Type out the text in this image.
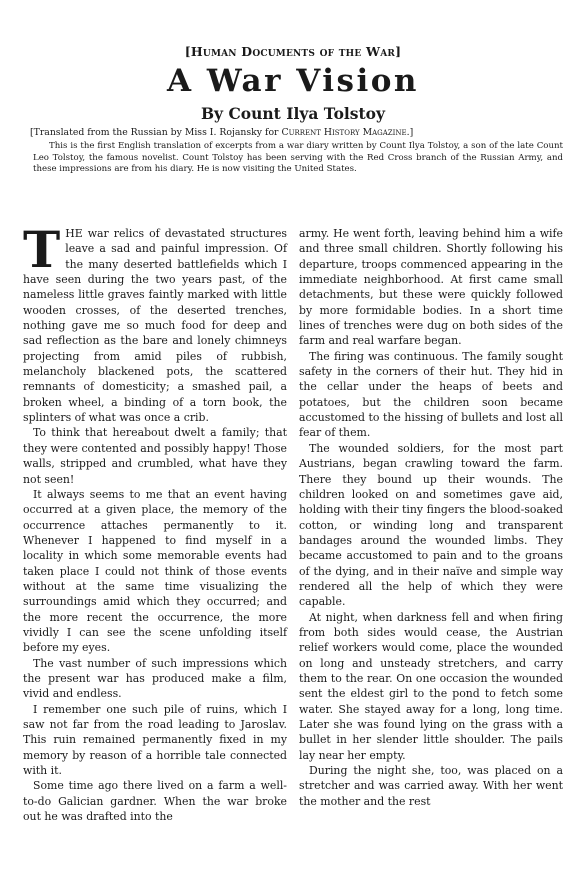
[Human Documents of the War]
A War Vision
By Count Ilya Tolstoy
[Translated from the Russian by Miss I. Rojansky for Current History Magazine.]

This is the first English translation of excerpts from a war diary written by Count Ilya Tolstoy, a son of the late Count Leo Tolstoy, the famous novelist. Count Tolstoy has been serving with the Red Cross branch of the Russian Army, and these impressions are from his diary. He is now visiting the United States.

THE war relics of devastated structures leave a sad and painful impression. Of the many deserted battlefields which I have seen during the two years past, of the nameless little graves faintly marked with little wooden crosses, of the deserted trenches, nothing gave me so much food for deep and sad reflection as the bare and lonely chimneys projecting from amid piles of rubbish, melancholy blackened pots, the scattered remnants of domesticity; a smashed pail, a broken wheel, a binding of a torn book, the splinters of what was once a crib.

To think that hereabout dwelt a family; that they were contented and possibly happy! Those walls, stripped and crumbled, what have they not seen!

It always seems to me that an event having occurred at a given place, the memory of the occurrence attaches permanently to it. Whenever I happened to find myself in a locality in which some memorable events had taken place I could not think of those events without at the same time visualizing the surroundings amid which they occurred; and the more recent the occurrence, the more vividly I can see the scene unfolding itself before my eyes.

The vast number of such impressions which the present war has produced make a film, vivid and endless.

I remember one such pile of ruins, which I saw not far from the road leading to Jaroslav. This ruin remained permanently fixed in my memory by reason of a horrible tale connected with it.

Some time ago there lived on a farm a well-to-do Galician gardner. When the war broke out he was drafted into the

army. He went forth, leaving behind him a wife and three small children. Shortly following his departure, troops commenced appearing in the immediate neighborhood. At first came small detachments, but these were quickly followed by more formidable bodies. In a short time lines of trenches were dug on both sides of the farm and real warfare began.

The firing was continuous. The family sought safety in the corners of their hut. They hid in the cellar under the heaps of beets and potatoes, but the children soon became accustomed to the hissing of bullets and lost all fear of them.

The wounded soldiers, for the most part Austrians, began crawling toward the farm. There they bound up their wounds. The children looked on and sometimes gave aid, holding with their tiny fingers the blood-soaked cotton, or winding long and transparent bandages around the wounded limbs. They became accustomed to pain and to the groans of the dying, and in their naïve and simple way rendered all the help of which they were capable.

At night, when darkness fell and when firing from both sides would cease, the Austrian relief workers would come, place the wounded on long and unsteady stretchers, and carry them to the rear. On one occasion the wounded sent the eldest girl to the pond to fetch some water. She stayed away for a long, long time. Later she was found lying on the grass with a bullet in her slender little shoulder. The pails lay near her empty.

During the night she, too, was placed on a stretcher and was carried away. With her went the mother and the rest
